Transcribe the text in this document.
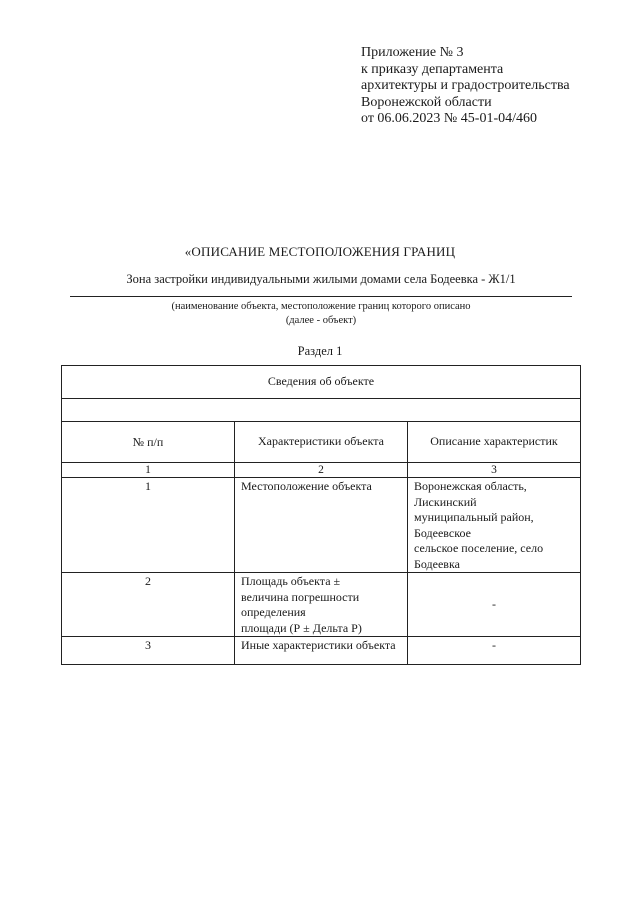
Приложение № 3
к приказу департамента
архитектуры и градостроительства
Воронежской области
от 06.06.2023 № 45-01-04/460
«ОПИСАНИЕ МЕСТОПОЛОЖЕНИЯ ГРАНИЦ
Зона застройки индивидуальными жилыми домами села Бодеевка - Ж1/1
(наименование объекта, местоположение границ которого описано
(далее - объект)
Раздел 1
Сведения об объекте		

№ п/п	Характеристики объекта	Описание характеристик
1	2	3
1	Местоположение объекта	Воронежская область, Лискинский
муниципальный район, Бодеевское
сельское поселение, село Бодеевка

2	Площадь объекта ±
величина погрешности определения
площади (Р ± Дельта Р)	-

3	Иные характеристики объекта	-
